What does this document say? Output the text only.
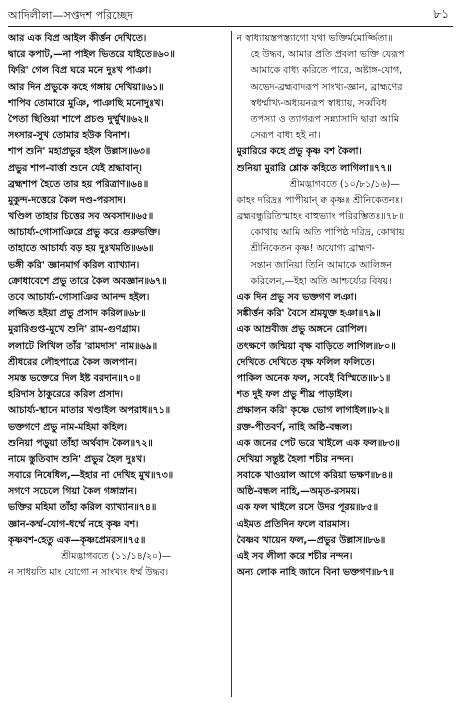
আদিলীলা—সপ্তদশ পরিচ্ছেদ	৮১
আর এক বিপ্র আইল কীর্ত্তন দেখিতে।
দ্বারে কপাট,—না পাইল ভিতরে যাইতে॥৬০॥
ফিরি' গেল বিপ্র ঘরে মনে দুঃখ পাঞা।
আর দিন প্রভুকে কহে গঙ্গায় দেখিয়া॥৬১॥
শাপিব তোমারে মুঞি, পাঞাছি মনোদুঃখ।
পৈতা ছিণ্ডিয়া শাপে প্রচণ্ড দুর্ম্মুখ॥৬২॥
সংসার-সুখ তোমার হউক বিনাশ।
শাপ শুনি' মহাপ্রভুর হইল উল্লাস॥৬৩॥
প্রভুর শাপ-বার্ত্তা শুনে যেই শ্রদ্ধাবান্।
ব্রহ্মশাপ হৈতে তার হয় পরিত্রাণ॥৬৪॥
মুকুন্দ-দত্তেরে কৈল দণ্ড-পরসাদ।
খণ্ডিল তাহার চিত্তের সব অবসাদ॥৬৫॥
আচার্য্য-গোসাঞিরে প্রভু করে গুরুভক্তি।
তাহাতে আচার্য্য বড় হয় দুঃখমতি॥৬৬॥
ভঙ্গী করি' জ্ঞানমার্গ করিল ব্যাখ্যান।
ক্রোধাবেশে প্রভু তারে কৈল অবজ্ঞান॥৬৭॥
তবে আচার্য্য-গোসাঞির আনন্দ হইল।
লজ্জিত হইয়া প্রভু প্রসাদ করিল॥৬৮॥
মুরারিগুপ্ত-মুখে শুনি' রাম-গুণগ্রাম।
ললাটে লিখিল তাঁর 'রামদাস' নাম॥৬৯॥
শ্রীধরের লৌহপাত্রে কৈল জলপান।
সমস্ত ভক্তেরে দিল ইষ্ট বরদান॥৭০॥
হরিদাস ঠাকুরেরে করিল প্রসাদ।
আচার্য্য-স্থানে মাতার খণ্ডাইল অপরাধ॥৭১॥
ভক্তগণে প্রভু নাম-মহিমা কহিল।
শুনিয়া পড়ুয়া তাঁহা অর্থবাদ কৈল॥৭২॥
নামে স্তুতিবাদ শুনি' প্রভুর হৈল দুঃখ।
সবারে নিষেধিল,—ইহার না দেখিহ মুখ॥৭৩॥
সগণে সচেলে গিয়া কৈল গঙ্গাস্নান।
ভক্তির মহিমা তাঁহা করিল ব্যাখ্যান॥৭৪॥
জ্ঞান-কর্ম্ম-যোগ-ধর্ম্মে নহে কৃষ্ণ বশ।
কৃষ্ণবশ-হেতু এক—কৃষ্ণপ্রেমরস॥৭৫॥
শ্রীমদ্ভাগবতে (১১/১৪/২০)—
ন সাধয়তি মাং যোগো ন সাংখ্যং ধর্ম্ম উদ্ধব।
ন স্বাধ্যায়স্তপস্ত্যাগো যথা ভক্তির্মমোর্জ্জিতা॥
হে উদ্ধব, আমার প্রতি প্রবলা ভক্তি যেরূপ
আমাকে বাধ্য করিতে পারে, অষ্টাঙ্গ-যোগ,
অভেদ-ব্রহ্মবাদরূপ সাংখ্য-জ্ঞান, ব্রাহ্মণের
স্বধর্ম্মাখ্য-অধ্যয়নরূপ স্বাধ্যায়, সর্ব্ববিধ
তপস্যা ও ত্যাগরূপ সন্ন্যাসাদি দ্বারা আমি
সেরূপ বাধ্য হই না।
মুরারিরে কহে প্রভু কৃষ্ণ বশ কৈলা।
শুনিয়া মুরারি শ্লোক কহিতে লাগিলা॥৭৭॥
শ্রীমদ্ভাগবতে (১০/৮১/১৬)—
কাহং দরিদ্রঃ পাপীয়ান্ ক্ব কৃষ্ণঃ শ্রীনিকেতনঃ।
ব্রহ্মবন্ধুরিতিস্মাহং বাহুভ্যাং পরিরম্ভিতঃ॥৭৮॥
কোথায় আমি অতি পাপিষ্ঠ দরিদ্র, কোথায়
শ্রীনিকেতন কৃষ্ণ! অযোগ্য ব্রাহ্মণ-
সন্তান জানিয়া তিনি আমাকে আলিঙ্গন
করিলেন,—ইহা অতি আশ্চর্য্যের বিষয়।
এক দিন প্রভু সব ভক্তগণ লঞা।
সঙ্কীর্ত্তন করি' বৈসে শ্রমযুক্ত হঞা॥৭৯॥
এক আম্রবীজ প্রভু অঙ্গনে রোপিল।
তৎক্ষণে জন্মিয়া বৃক্ষ বাড়িতে লাগিল॥৮০॥
দেখিতে দেখিতে বৃক্ষ ফলিল ফলিতে।
পাকিল অনেক ফল, সবেই বিস্মিতে॥৮১॥
শত দুই ফল প্রভু শীঘ্র পাড়াইল।
প্রক্ষালন করি' কৃষ্ণে ভোগ লাগাইল॥৮২॥
রক্ত-পীতবর্ণ, নাহি অষ্ঠি-বন্ধল।
এক জনের পেট ভরে খাইলে এক ফল॥৮৩॥
দেখিয়া সন্তুষ্ট হৈলা শচীর নন্দন।
সবাকে খাওয়াল আগে করিয়া ভক্ষণ॥৮৪॥
অষ্ঠি-বন্ধল নাহি,—অমৃত-রসময়।
এক ফল খাইলে রসে উদর পূরয়॥৮৫॥
এইমত প্রতিদিন ফলে বারমাস।
বৈষ্ণব খায়েন ফল,—প্রভুর উল্লাস॥৮৬॥
এই সব লীলা করে শচীর নন্দন।
অন্য লোক নাহি জানে বিনা ভক্তগণ॥৮৭॥
